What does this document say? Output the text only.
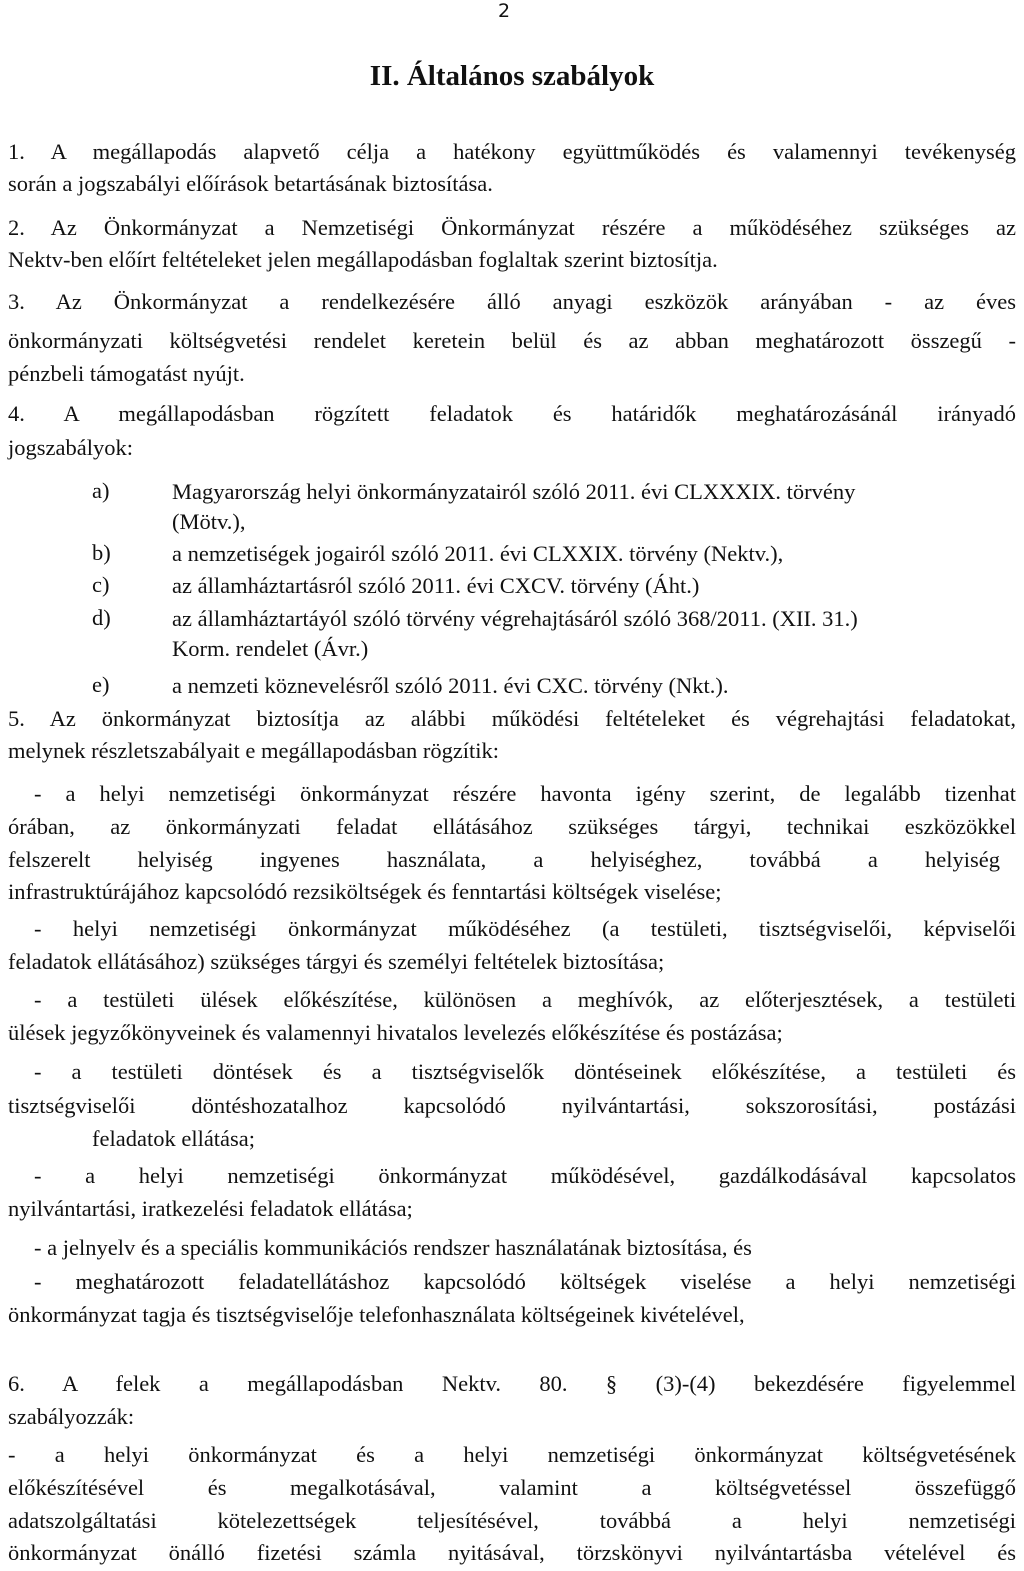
2
II. Általános szabályok
1. A megállapodás alapvető célja a hatékony együttműködés és valamennyi tevékenység
során a jogszabályi előírások betartásának biztosítása.
2. Az Önkormányzat a Nemzetiségi Önkormányzat részére a működéséhez szükséges az
Nektv-ben előírt feltételeket jelen megállapodásban foglaltak szerint biztosítja.
3. Az Önkormányzat a rendelkezésére álló anyagi eszközök arányában - az éves
önkormányzati költségvetési rendelet keretein belül és az abban meghatározott összegű -
pénzbeli támogatást nyújt.
4. A megállapodásban rögzített feladatok és határidők meghatározásánál irányadó
jogszabályok:
a)	Magyarország helyi önkormányzatairól szóló 2011. évi CLXXXIX. törvény
(Mötv.),
b)	a nemzetiségek jogairól szóló 2011. évi CLXXIX. törvény (Nektv.),
c)	az államháztartásról szóló 2011. évi CXCV. törvény (Áht.)
d)	az államháztartáyól szóló törvény végrehajtásáról szóló 368/2011. (XII. 31.)
Korm. rendelet (Ávr.)
e)	a nemzeti köznevelésről szóló 2011. évi CXC. törvény (Nkt.).
5. Az önkormányzat biztosítja az alábbi működési feltételeket és végrehajtási feladatokat,
melynek részletszabályait e megállapodásban rögzítik:
- a helyi nemzetiségi önkormányzat részére havonta igény szerint, de legalább tizenhat
órában, az önkormányzati feladat ellátásához szükséges tárgyi, technikai eszközökkel
felszerelt helyiség ingyenes használata, a helyiséghez, továbbá a helyiség
infrastruktúrájához kapcsolódó rezsiköltségek és fenntartási költségek viselése;
- helyi nemzetiségi önkormányzat működéséhez (a testületi, tisztségviselői, képviselői
feladatok ellátásához) szükséges tárgyi és személyi feltételek biztosítása;
- a testületi ülések előkészítése, különösen a meghívók, az előterjesztések, a testületi
ülések jegyzőkönyveinek és valamennyi hivatalos levelezés előkészítése és postázása;
- a testületi döntések és a tisztségviselők döntéseinek előkészítése, a testületi és
tisztségviselői döntéshozatalhoz kapcsolódó nyilvántartási, sokszorosítási, postázási
feladatok ellátása;
- a helyi nemzetiségi önkormányzat működésével, gazdálkodásával kapcsolatos
nyilvántartási, iratkezelési feladatok ellátása;
- a jelnyelv és a speciális kommunikációs rendszer használatának biztosítása, és
- meghatározott feladatellátáshoz kapcsolódó költségek viselése a helyi nemzetiségi
önkormányzat tagja és tisztségviselője telefonhasználata költségeinek kivételével,
6. A felek a megállapodásban Nektv. 80. § (3)-(4) bekezdésére figyelemmel
szabályozzák:
- a helyi önkormányzat és a helyi nemzetiségi önkormányzat költségvetésének
előkészítésével és megalkotásával, valamint a költségvetéssel összefüggő
adatszolgáltatási kötelezettségek teljesítésével, továbbá a helyi nemzetiségi
önkormányzat önálló fizetési számla nyitásával, törzskönyvi nyilvántartásba vételével és
